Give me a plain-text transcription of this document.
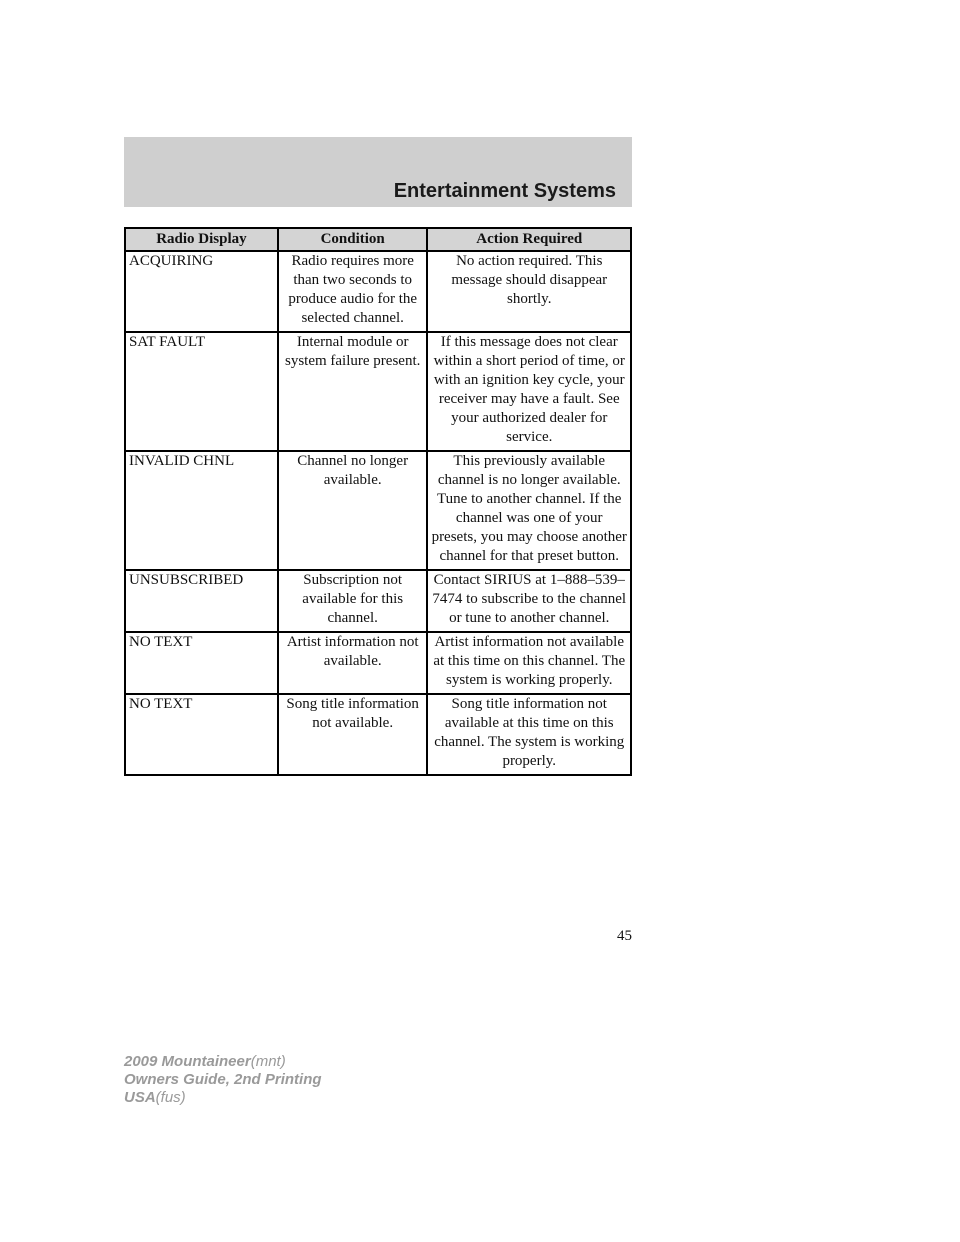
Entertainment Systems
Radio Display	Condition	Action Required
ACQUIRING	Radio requires more than two seconds to produce audio for the selected channel.	No action required. This message should disappear shortly.
SAT FAULT	Internal module or system failure present.	If this message does not clear within a short period of time, or with an ignition key cycle, your receiver may have a fault. See your authorized dealer for service.
INVALID CHNL	Channel no longer available.	This previously available channel is no longer available. Tune to another channel. If the channel was one of your presets, you may choose another channel for that preset button.
UNSUBSCRIBED	Subscription not available for this channel.	Contact SIRIUS at 1–888–539–7474 to subscribe to the channel or tune to another channel.
NO TEXT	Artist information not available.	Artist information not available at this time on this channel. The system is working properly.
NO TEXT	Song title information not available.	Song title information not available at this time on this channel. The system is working properly.

45

2009 Mountaineer(mnt)
Owners Guide, 2nd Printing
USA(fus)
